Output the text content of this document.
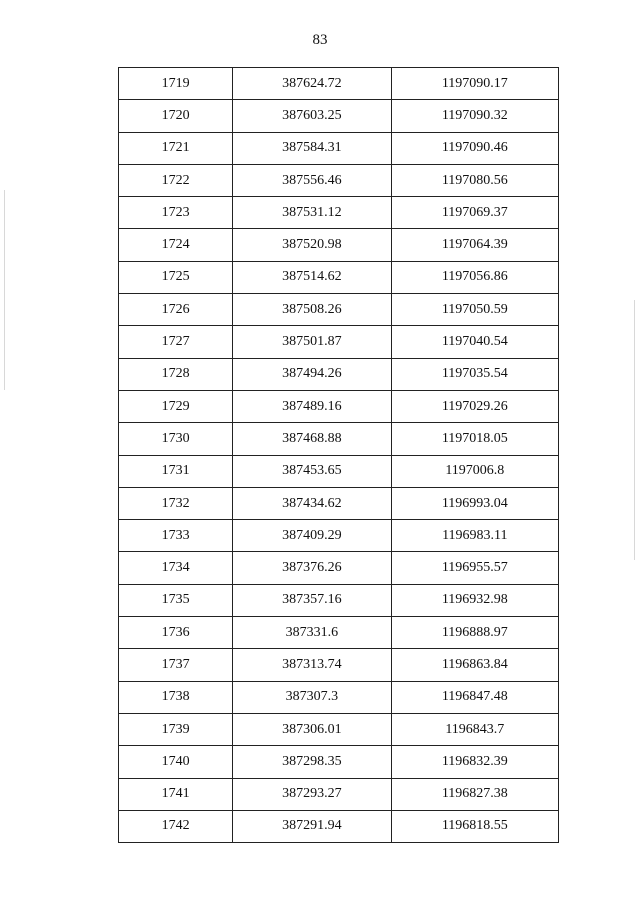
83
1719	387624.72	1197090.17
1720	387603.25	1197090.32
1721	387584.31	1197090.46
1722	387556.46	1197080.56
1723	387531.12	1197069.37
1724	387520.98	1197064.39
1725	387514.62	1197056.86
1726	387508.26	1197050.59
1727	387501.87	1197040.54
1728	387494.26	1197035.54
1729	387489.16	1197029.26
1730	387468.88	1197018.05
1731	387453.65	1197006.8
1732	387434.62	1196993.04
1733	387409.29	1196983.11
1734	387376.26	1196955.57
1735	387357.16	1196932.98
1736	387331.6	1196888.97
1737	387313.74	1196863.84
1738	387307.3	1196847.48
1739	387306.01	1196843.7
1740	387298.35	1196832.39
1741	387293.27	1196827.38
1742	387291.94	1196818.55
